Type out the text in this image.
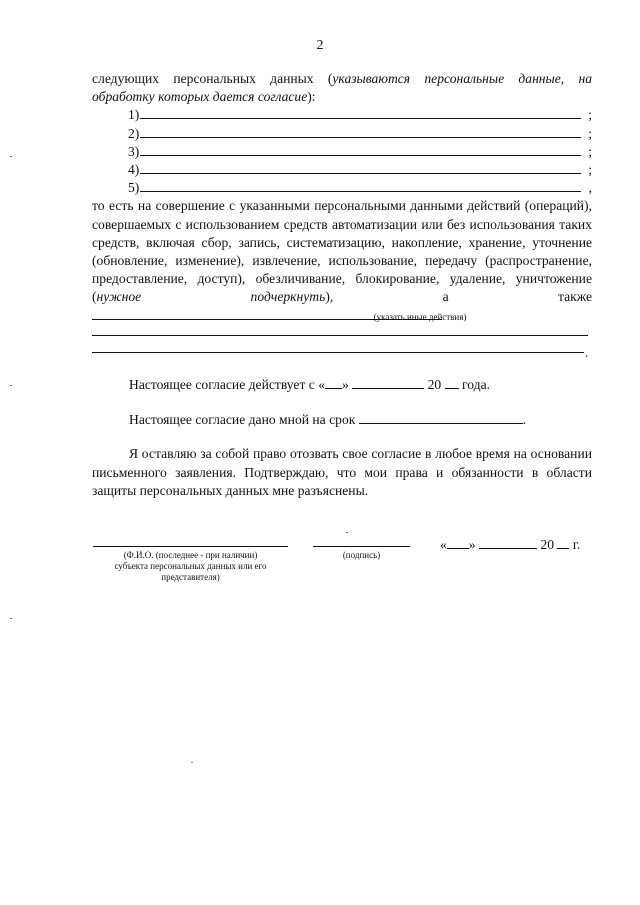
2

следующих персональных данных (указываются персональные данные, на обработку которых дается согласие):

1)	;
2)	;
3)	;
4)	;
5)	,

то есть на совершение с указанными персональными данными действий (операций), совершаемых с использованием средств автоматизации или без использования таких средств, включая сбор, запись, систематизацию, накопление, хранение, уточнение (обновление, изменение), извлечение, использование, передачу (распространение, предоставление, доступ), обезличивание, блокирование, удаление, уничтожение (нужное подчеркнуть), а также

(указать иные действия)
.
Настоящее согласие действует с « »	20 года.
Настоящее согласие дано мной на срок	.

Я оставляю за собой право отозвать свое согласие в любое время на основании письменного заявления. Подтверждаю, что мои права и обязанности в области защиты персональных данных мне разъяснены.

(Ф.И.О. (последнее - при наличии)
субъекта персональных данных или его
представителя)
(подпись)
« »	20 г.
